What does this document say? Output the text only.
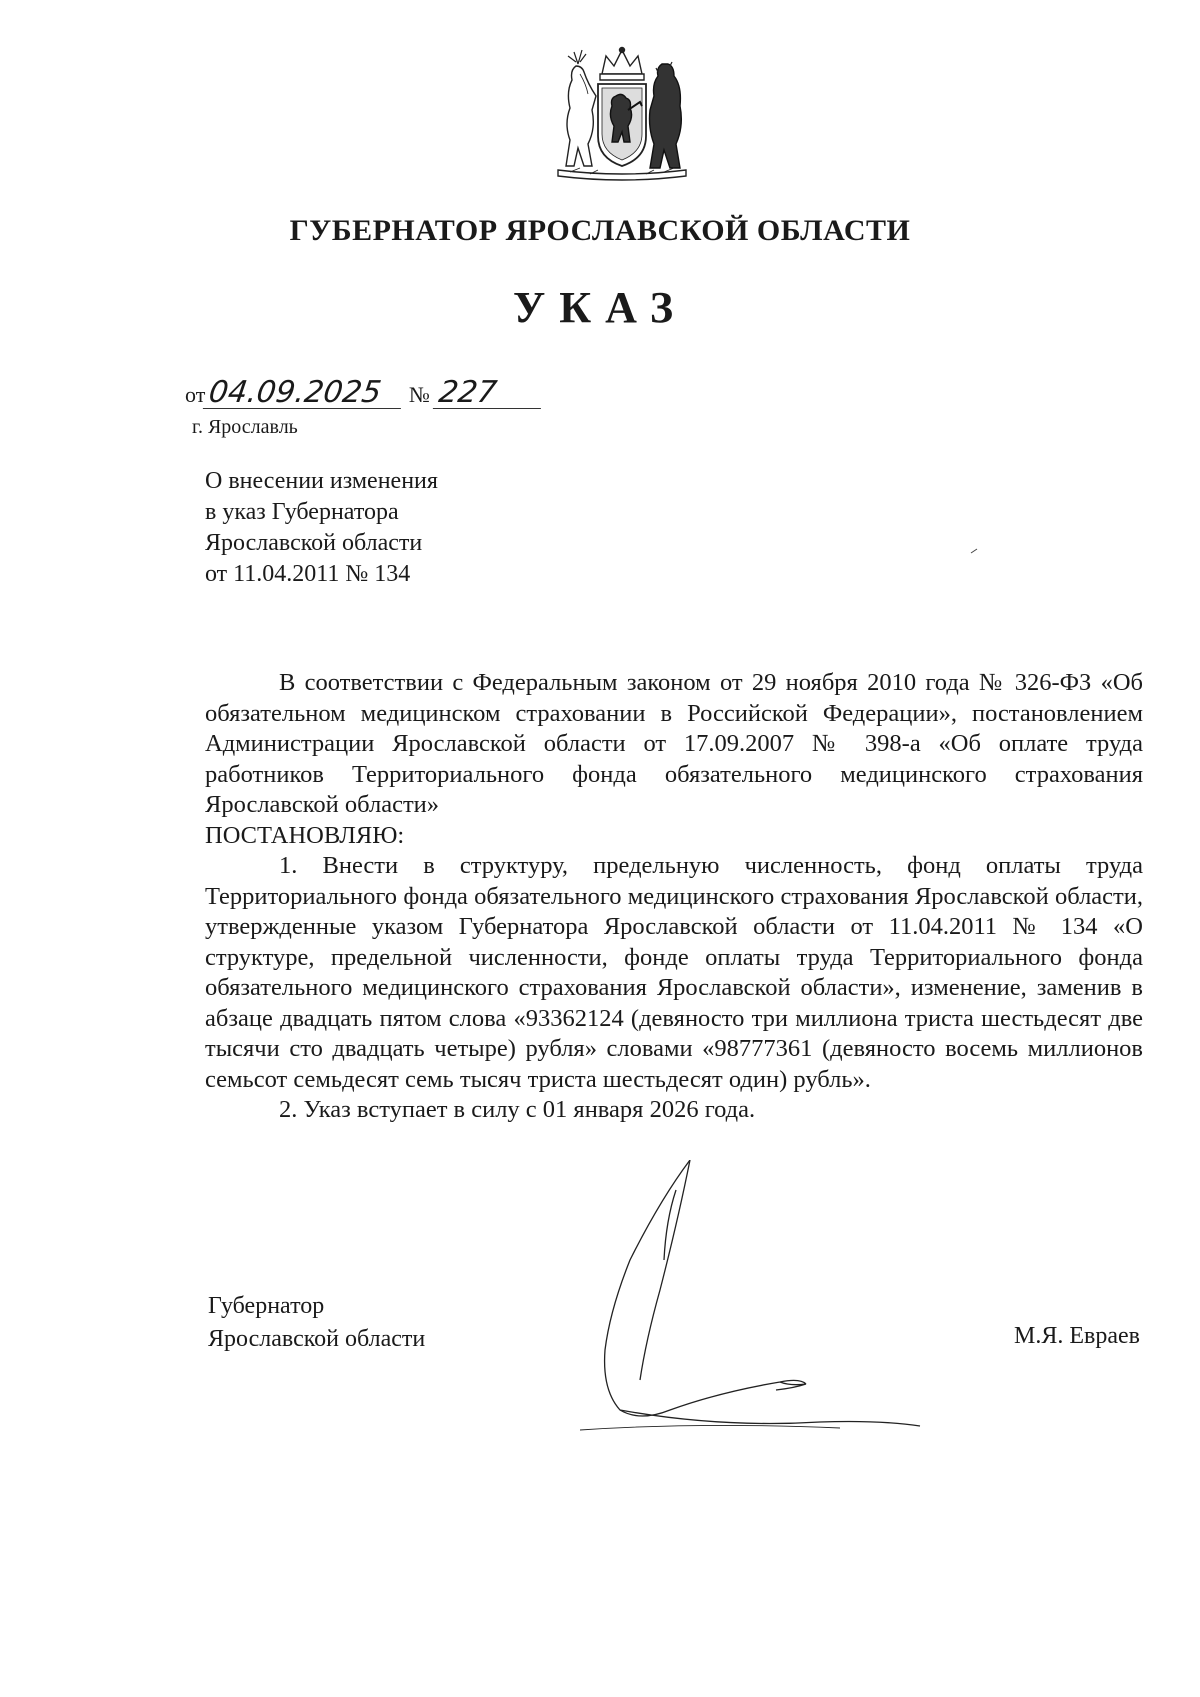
ГУБЕРНАТОР ЯРОСЛАВСКОЙ ОБЛАСТИ
УКАЗ
от04.09.2025 № 227
г. Ярославль
О внесении изменения
в указ Губернатора
Ярославской области
от 11.04.2011 № 134

В соответствии с Федеральным законом от 29 ноября 2010 года № 326-ФЗ «Об обязательном медицинском страховании в Российской Федерации», постановлением Администрации Ярославской области от 17.09.2007 № 398-а «Об оплате труда работников Территориального фонда обязательного медицинского страхования Ярославской области»

ПОСТАНОВЛЯЮ:

1. Внести в структуру, предельную численность, фонд оплаты труда Территориального фонда обязательного медицинского страхования Ярославской области, утвержденные указом Губернатора Ярославской области от 11.04.2011 № 134 «О структуре, предельной численности, фонде оплаты труда Территориального фонда обязательного медицинского страхования Ярославской области», изменение, заменив в абзаце двадцать пятом слова «93362124 (девяносто три миллиона триста шестьдесят две тысячи сто двадцать четыре) рубля» словами «98777361 (девяносто восемь миллионов семьсот семьдесят семь тысяч триста шестьдесят один) рубль».

2. Указ вступает в силу с 01 января 2026 года.

Губернатор
Ярославской области	М.Я. Евраев
